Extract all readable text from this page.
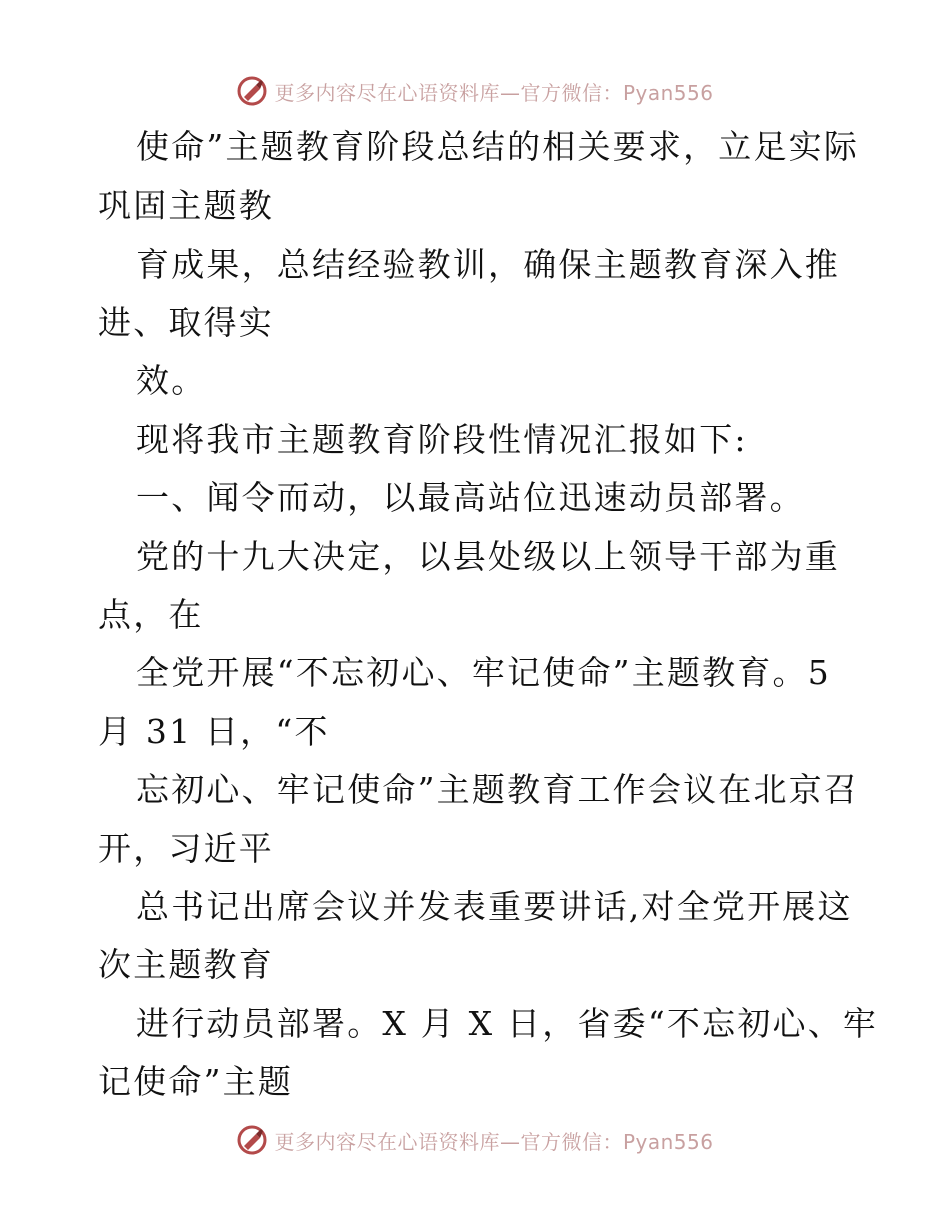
更多内容尽在心语资料库—官方微信：Pyan556
使命”主题教育阶段总结的相关要求，立足实际
巩固主题教
育成果，总结经验教训，确保主题教育深入推
进、取得实
效。
现将我市主题教育阶段性情况汇报如下:
一、闻令而动，以最高站位迅速动员部署。
党的十九大决定，以县处级以上领导干部为重
点，在
全党开展“不忘初心、牢记使命”主题教育。5
月 31 日，“不
忘初心、牢记使命”主题教育工作会议在北京召
开，习近平
总书记出席会议并发表重要讲话,对全党开展这
次主题教育
进行动员部署。X 月 X 日，省委“不忘初心、牢
记使命”主题
更多内容尽在心语资料库—官方微信：Pyan556
